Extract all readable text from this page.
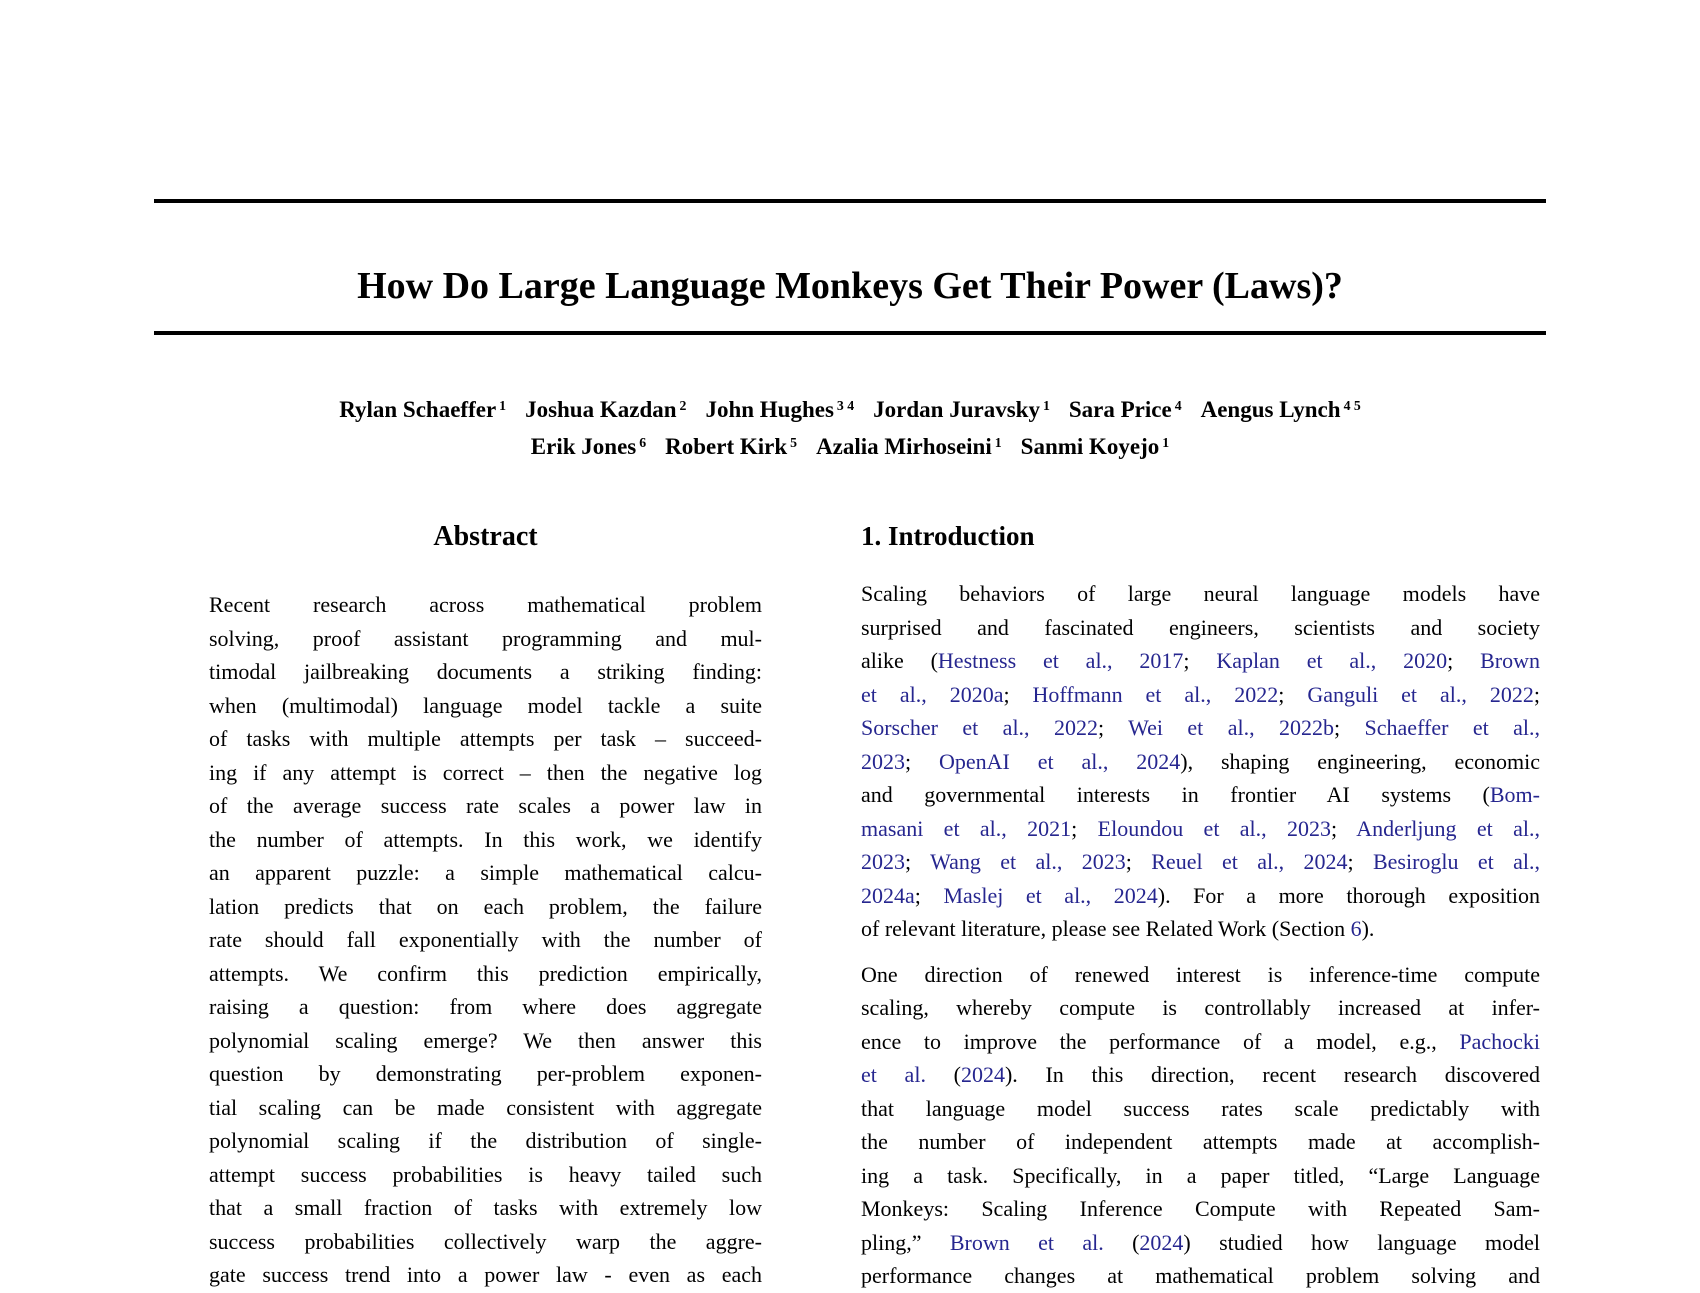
How Do Large Language Monkeys Get Their Power (Laws)?
Rylan Schaeffer $^1$ Joshua Kazdan $^2$ John Hughes $^{3 4}$ Jordan Juravsky $^1$ Sara Price $^4$ Aengus Lynch $^{4 5}$
Erik Jones $^6$ Robert Kirk $^5$ Azalia Mirhoseini $^1$ Sanmi Koyejo $^1$
Abstract
Recent research across mathematical problem
solving, proof assistant programming and mul-
timodal jailbreaking documents a striking finding:
when (multimodal) language model tackle a suite
of tasks with multiple attempts per task – succeed-
ing if any attempt is correct – then the negative log
of the average success rate scales a power law in
the number of attempts. In this work, we identify
an apparent puzzle: a simple mathematical calcu-
lation predicts that on each problem, the failure
rate should fall exponentially with the number of
attempts. We confirm this prediction empirically,
raising a question: from where does aggregate
polynomial scaling emerge? We then answer this
question by demonstrating per-problem exponen-
tial scaling can be made consistent with aggregate
polynomial scaling if the distribution of single-
attempt success probabilities is heavy tailed such
that a small fraction of tasks with extremely low
success probabilities collectively warp the aggre-
gate success trend into a power law - even as each
1. Introduction
Scaling behaviors of large neural language models have
surprised and fascinated engineers, scientists and society
alike (Hestness et al., 2017; Kaplan et al., 2020; Brown
et al., 2020a; Hoffmann et al., 2022; Ganguli et al., 2022;
Sorscher et al., 2022; Wei et al., 2022b; Schaeffer et al.,
2023; OpenAI et al., 2024), shaping engineering, economic
and governmental interests in frontier AI systems (Bom-
masani et al., 2021; Eloundou et al., 2023; Anderljung et al.,
2023; Wang et al., 2023; Reuel et al., 2024; Besiroglu et al.,
2024a; Maslej et al., 2024). For a more thorough exposition
of relevant literature, please see Related Work (Section 6).
One direction of renewed interest is inference-time compute
scaling, whereby compute is controllably increased at infer-
ence to improve the performance of a model, e.g., Pachocki
et al. (2024). In this direction, recent research discovered
that language model success rates scale predictably with
the number of independent attempts made at accomplish-
ing a task. Specifically, in a paper titled, “Large Language
Monkeys: Scaling Inference Compute with Repeated Sam-
pling,” Brown et al. (2024) studied how language model
performance changes at mathematical problem solving and
